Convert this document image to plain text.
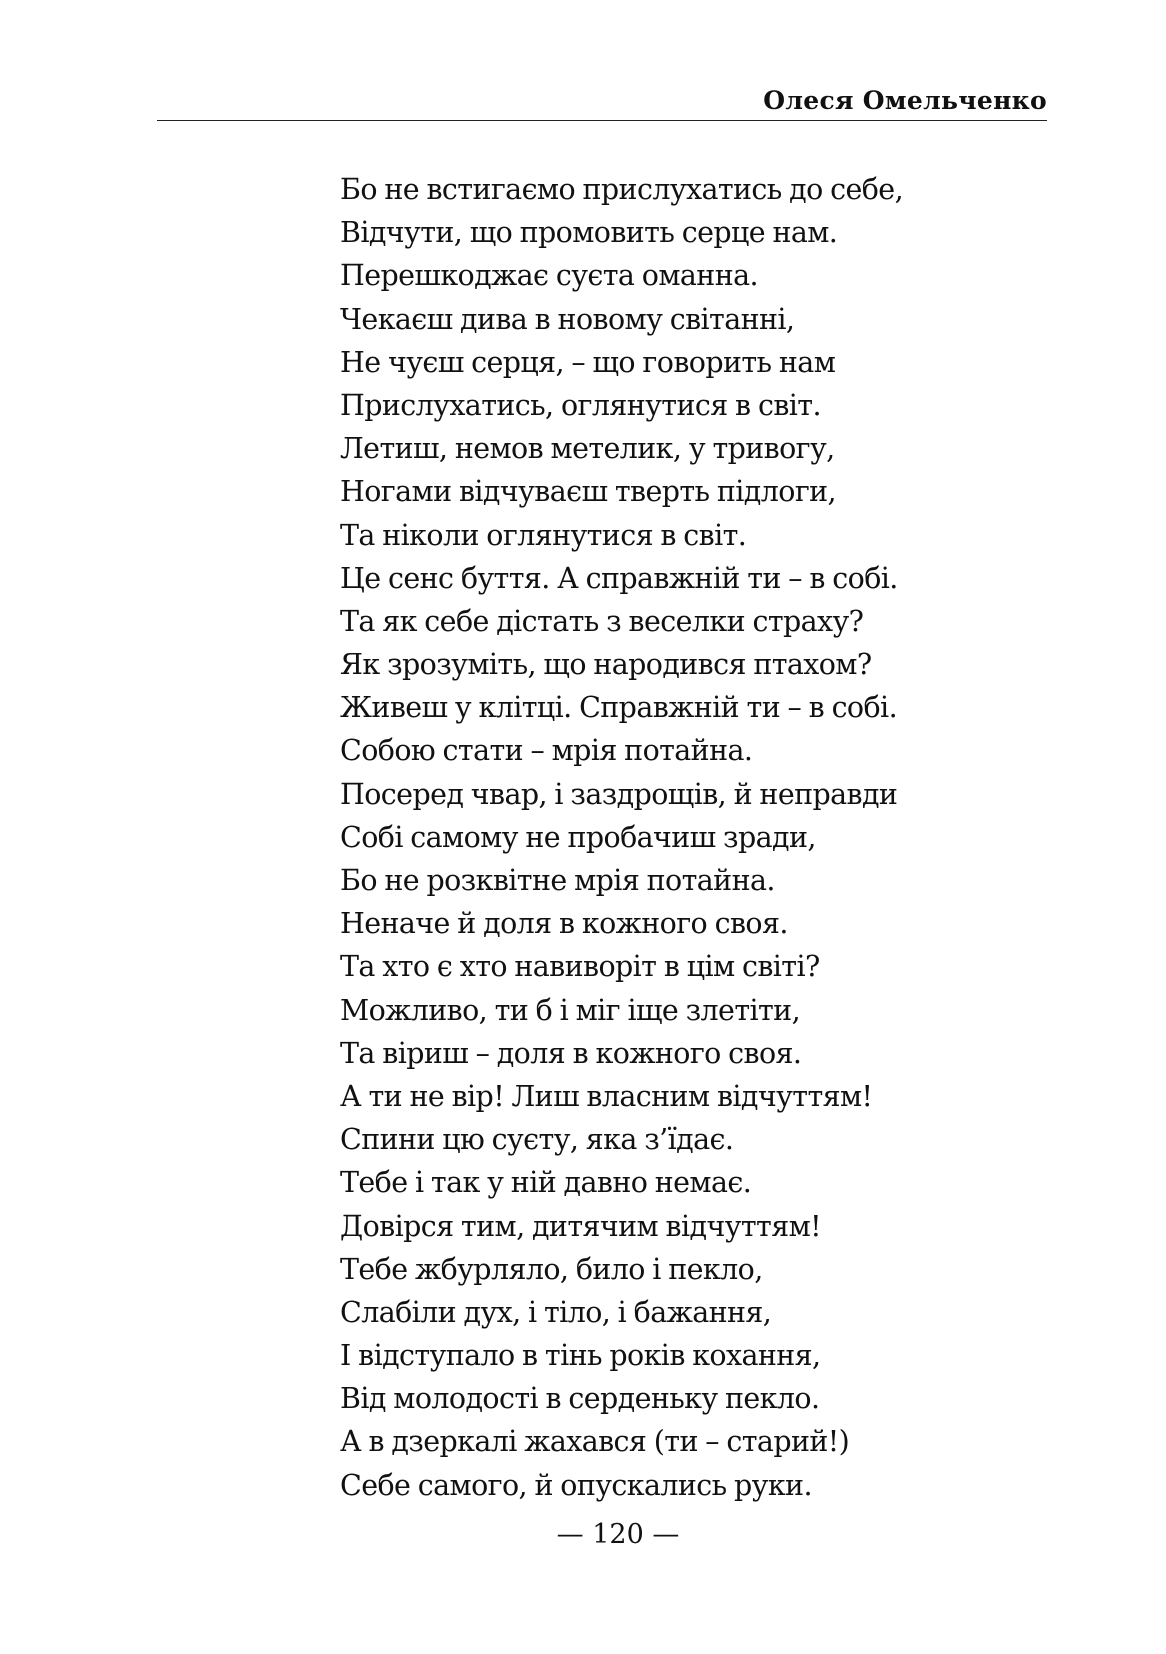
Олеся Омельченко
Бо не встигаємо прислухатись до себе,
Відчути, що промовить серце нам.
Перешкоджає суєта оманна.
Чекаєш дива в новому світанні,
Не чуєш серця, – що говорить нам
Прислухатись, оглянутися в світ.
Летиш, немов метелик, у тривогу,
Ногами відчуваєш тверть підлоги,
Та ніколи оглянутися в світ.
Це сенс буття. А справжній ти – в собі.
Та як себе дістать з веселки страху?
Як зрозуміть, що народився птахом?
Живеш у клітці. Справжній ти – в собі.
Собою стати – мрія потайна.
Посеред чвар, і заздрощів, й неправди
Собі самому не пробачиш зради,
Бо не розквітне мрія потайна.
Неначе й доля в кожного своя.
Та хто є хто навиворіт в цім світі?
Можливо, ти б і міг іще злетіти,
Та віриш – доля в кожного своя.
А ти не вір! Лиш власним відчуттям!
Спини цю суєту, яка з’їдає.
Тебе і так у ній давно немає.
Довірся тим, дитячим відчуттям!
Тебе жбурляло, било і пекло,
Слабіли дух, і тіло, і бажання,
І відступало в тінь років кохання,
Від молодості в серденьку пекло.
А в дзеркалі жахався (ти – старий!)
Себе самого, й опускались руки.
— 120 —
